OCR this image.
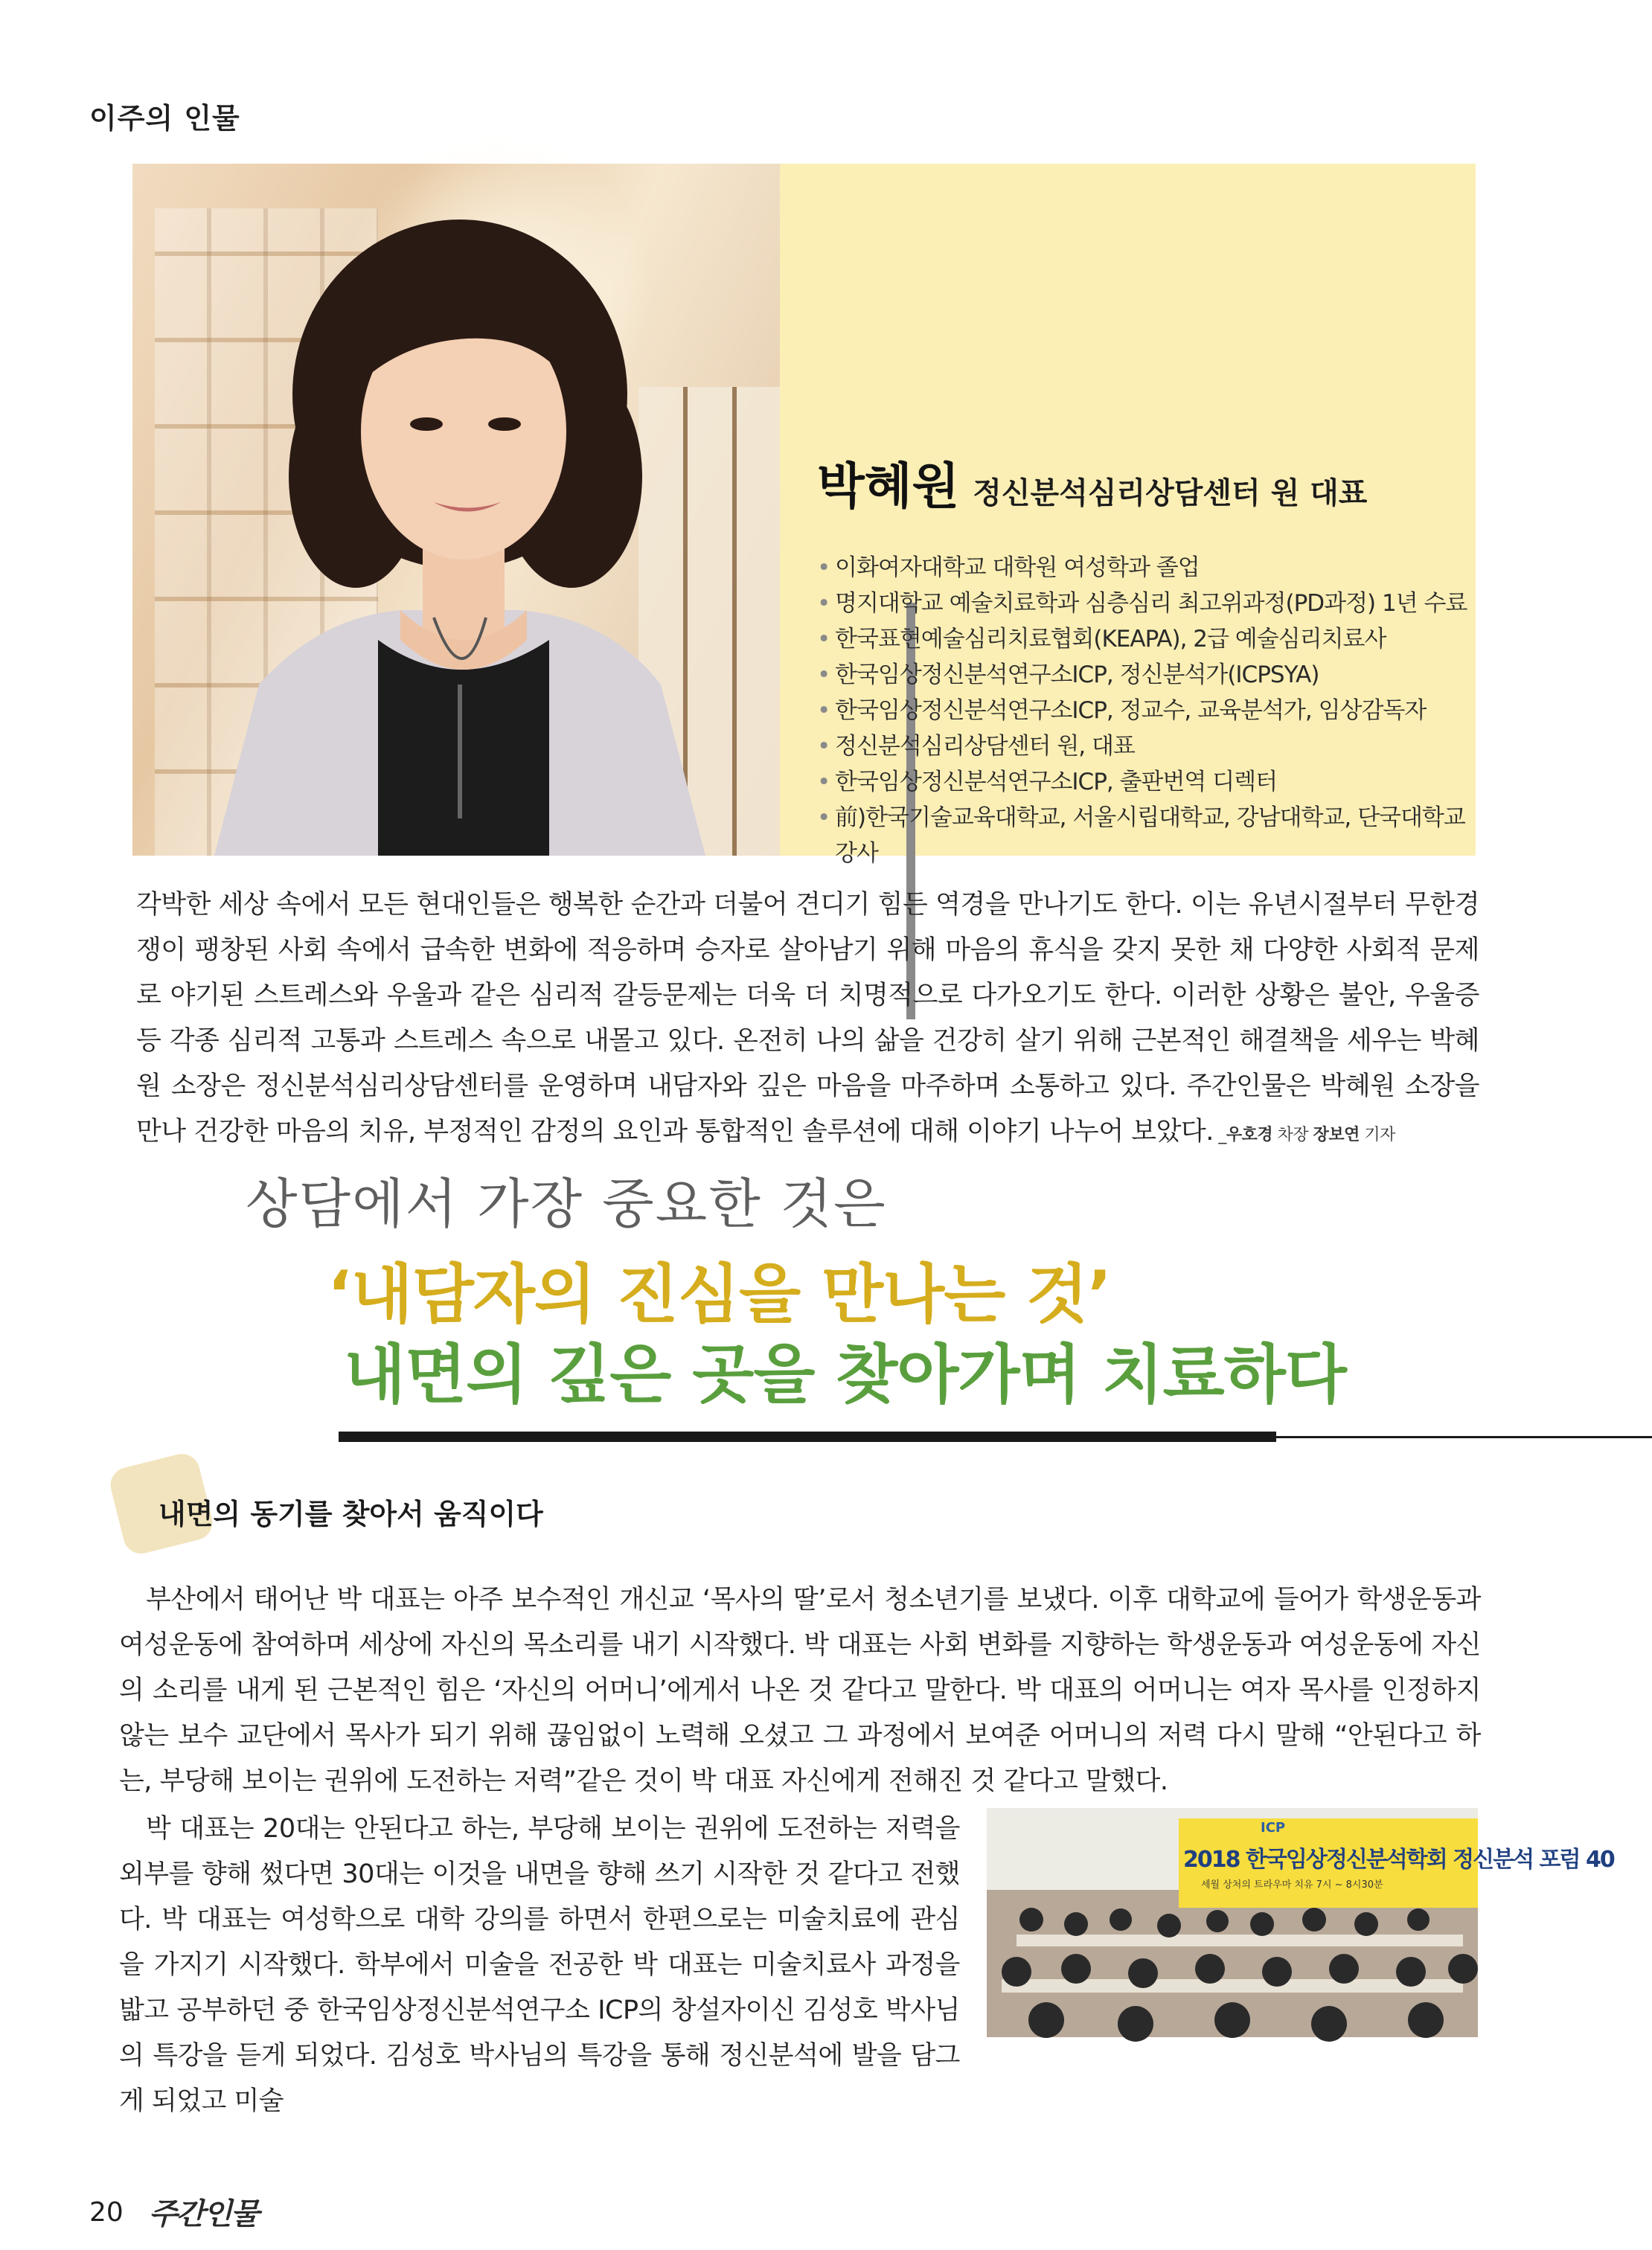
이주의 인물
박혜원 정신분석심리상담센터 원 대표
• 이화여자대학교 대학원 여성학과 졸업
• 명지대학교 예술치료학과 심층심리 최고위과정(PD과정) 1년 수료
• 한국표현예술심리치료협회(KEAPA), 2급 예술심리치료사
• 한국임상정신분석연구소ICP, 정신분석가(ICPSYA)
• 한국임상정신분석연구소ICP, 정교수, 교육분석가, 임상감독자
• 정신분석심리상담센터 원, 대표
• 한국임상정신분석연구소ICP, 출판번역 디렉터
• 前)한국기술교육대학교, 서울시립대학교, 강남대학교, 단국대학교 강사
각박한 세상 속에서 모든 현대인들은 행복한 순간과 더불어 견디기 힘든 역경을 만나기도 한다. 이는 유년시절부터 무한경쟁이 팽창된 사회 속에서 급속한 변화에 적응하며 승자로 살아남기 위해 마음의 휴식을 갖지 못한 채 다양한 사회적 문제로 야기된 스트레스와 우울과 같은 심리적 갈등문제는 더욱 더 치명적으로 다가오기도 한다. 이러한 상황은 불안, 우울증 등 각종 심리적 고통과 스트레스 속으로 내몰고 있다. 온전히 나의 삶을 건강히 살기 위해 근본적인 해결책을 세우는 박혜원 소장은 정신분석심리상담센터를 운영하며 내담자와 깊은 마음을 마주하며 소통하고 있다. 주간인물은 박혜원 소장을 만나 건강한 마음의 치유, 부정적인 감정의 요인과 통합적인 솔루션에 대해 이야기 나누어 보았다. _우호경 차장 장보연 기자
상담에서 가장 중요한 것은
‘내담자의 진심을 만나는 것’
내면의 깊은 곳을 찾아가며 치료하다
내면의 동기를 찾아서 움직이다

부산에서 태어난 박 대표는 아주 보수적인 개신교 ‘목사의 딸’로서 청소년기를 보냈다. 이후 대학교에 들어가 학생운동과 여성운동에 참여하며 세상에 자신의 목소리를 내기 시작했다. 박 대표는 사회 변화를 지향하는 학생운동과 여성운동에 자신의 소리를 내게 된 근본적인 힘은 ‘자신의 어머니’에게서 나온 것 같다고 말한다. 박 대표의 어머니는 여자 목사를 인정하지 않는 보수 교단에서 목사가 되기 위해 끊임없이 노력해 오셨고 그 과정에서 보여준 어머니의 저력 다시 말해 “안된다고 하는, 부당해 보이는 권위에 도전하는 저력”같은 것이 박 대표 자신에게 전해진 것 같다고 말했다.

박 대표는 20대는 안된다고 하는, 부당해 보이는 권위에 도전하는 저력을 외부를 향해 썼다면 30대는 이것을 내면을 향해 쓰기 시작한 것 같다고 전했다. 박 대표는 여성학으로 대학 강의를 하면서 한편으로는 미술치료에 관심을 가지기 시작했다. 학부에서 미술을 전공한 박 대표는 미술치료사 과정을 밟고 공부하던 중 한국임상정신분석연구소 ICP의 창설자이신 김성호 박사님의 특강을 듣게 되었다. 김성호 박사님의 특강을 통해 정신분석에 발을 담그게 되었고 미술

ICP
2018 한국임상정신분석학회 정신분석 포럼 40
세월 상처의 트라우마 치유 7시 ~ 8시30분
20 주간인물
